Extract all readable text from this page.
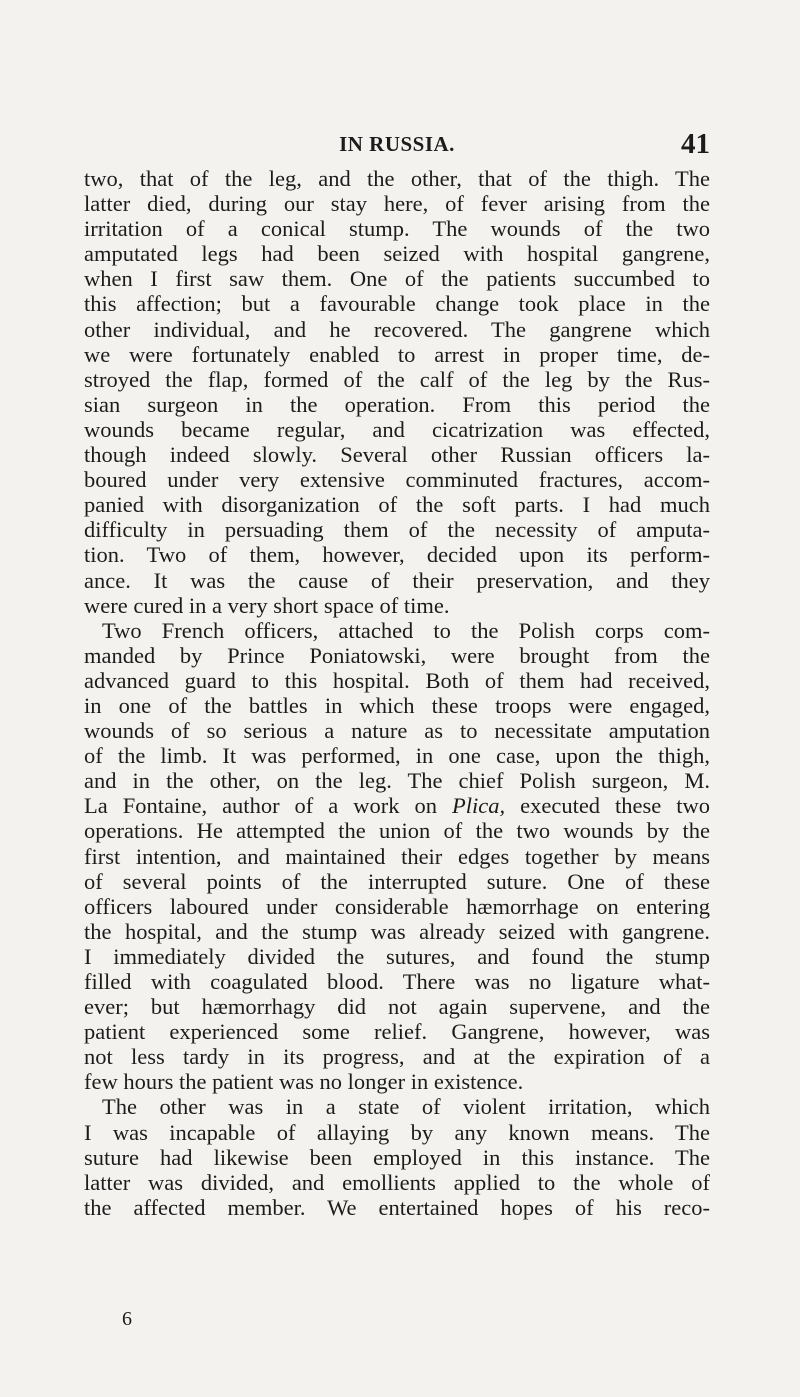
IN RUSSIA.	41
two, that of the leg, and the other, that of the thigh. The
latter died, during our stay here, of fever arising from the
irritation of a conical stump. The wounds of the two
amputated legs had been seized with hospital gangrene,
when I first saw them. One of the patients succumbed to
this affection; but a favourable change took place in the
other individual, and he recovered. The gangrene which
we were fortunately enabled to arrest in proper time, de-
stroyed the flap, formed of the calf of the leg by the Rus-
sian surgeon in the operation. From this period the
wounds became regular, and cicatrization was effected,
though indeed slowly. Several other Russian officers la-
boured under very extensive comminuted fractures, accom-
panied with disorganization of the soft parts. I had much
difficulty in persuading them of the necessity of amputa-
tion. Two of them, however, decided upon its perform-
ance. It was the cause of their preservation, and they
were cured in a very short space of time.
Two French officers, attached to the Polish corps com-
manded by Prince Poniatowski, were brought from the
advanced guard to this hospital. Both of them had received,
in one of the battles in which these troops were engaged,
wounds of so serious a nature as to necessitate amputation
of the limb. It was performed, in one case, upon the thigh,
and in the other, on the leg. The chief Polish surgeon, M.
La Fontaine, author of a work on Plica, executed these two
operations. He attempted the union of the two wounds by the
first intention, and maintained their edges together by means
of several points of the interrupted suture. One of these
officers laboured under considerable hæmorrhage on entering
the hospital, and the stump was already seized with gangrene.
I immediately divided the sutures, and found the stump
filled with coagulated blood. There was no ligature what-
ever; but hæmorrhagy did not again supervene, and the
patient experienced some relief. Gangrene, however, was
not less tardy in its progress, and at the expiration of a
few hours the patient was no longer in existence.
The other was in a state of violent irritation, which
I was incapable of allaying by any known means. The
suture had likewise been employed in this instance. The
latter was divided, and emollients applied to the whole of
the affected member. We entertained hopes of his reco-
6
